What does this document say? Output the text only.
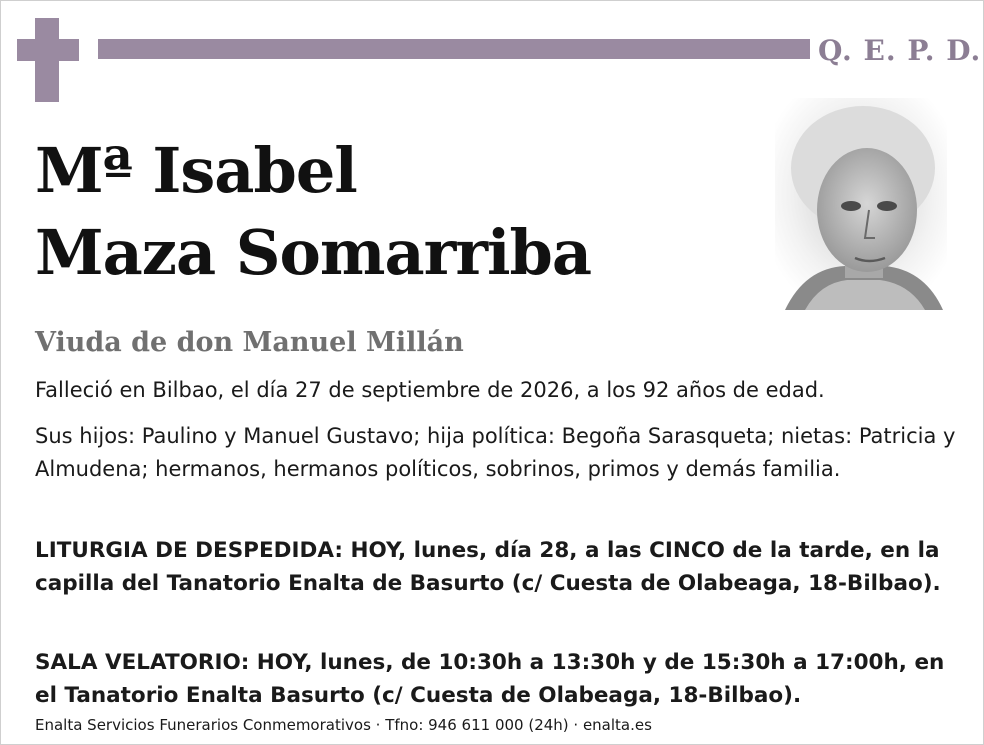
Q. E. P. D.
Mª Isabel
Maza Somarriba
Viuda de don Manuel Millán
Falleció en Bilbao, el día 27 de septiembre de 2026, a los 92 años de edad.
Sus hijos: Paulino y Manuel Gustavo; hija política: Begoña Sarasqueta; nietas: Patricia y Almudena; hermanos, hermanos políticos, sobrinos, primos y demás familia.
LITURGIA DE DESPEDIDA: HOY, lunes, día 28, a las CINCO de la tarde, en la capilla del Tanatorio Enalta de Basurto (c/ Cuesta de Olabeaga, 18-Bilbao).
SALA VELATORIO: HOY, lunes, de 10:30h a 13:30h y de 15:30h a 17:00h, en el Tanatorio Enalta Basurto (c/ Cuesta de Olabeaga, 18-Bilbao).
Enalta Servicios Funerarios Conmemorativos · Tfno: 946 611 000 (24h) · enalta.es
